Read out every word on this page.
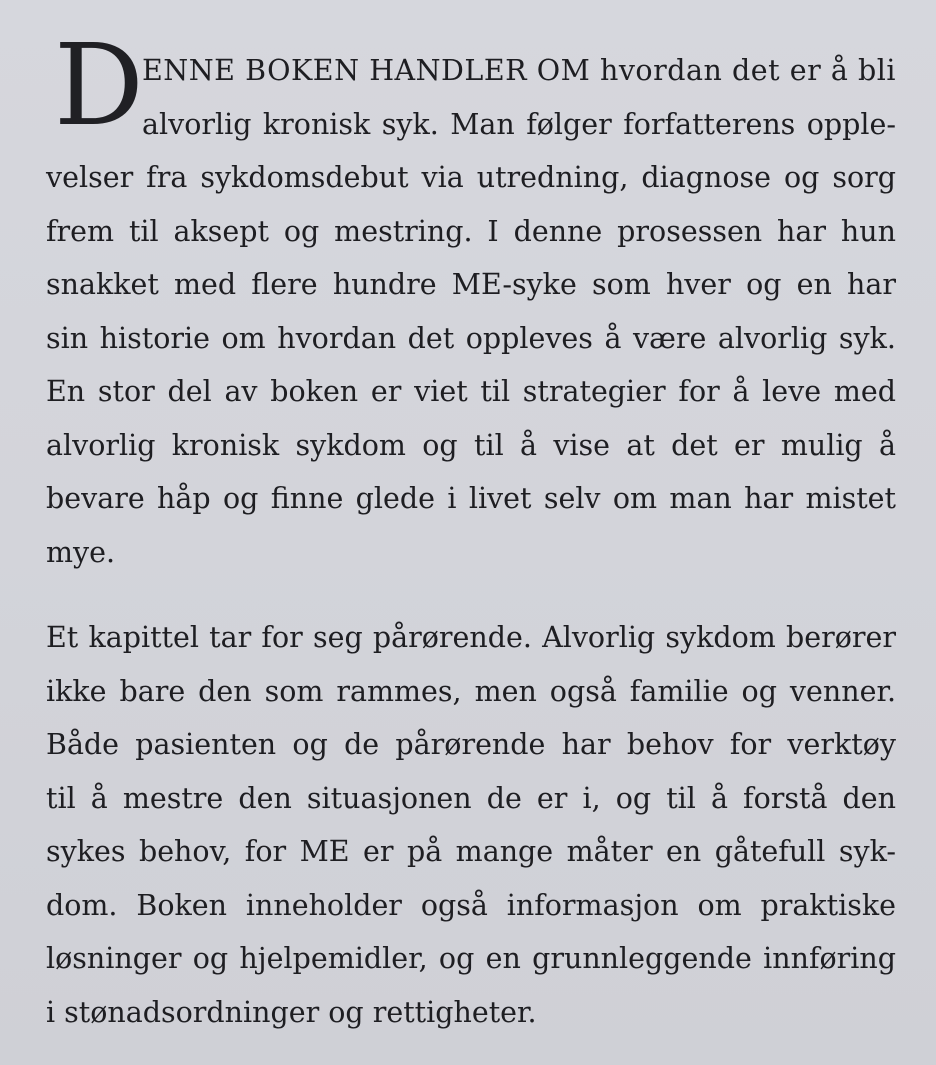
D

ENNE BOKEN HANDLER OM hvordan det er å bli
alvorlig kronisk syk. Man følger forfatterens opple-
velser fra sykdomsdebut via utredning, diagnose og sorg
frem til aksept og mestring. I denne prosessen har hun
snakket med flere hundre ME-syke som hver og en har
sin historie om hvordan det oppleves å være alvorlig syk.
En stor del av boken er viet til strategier for å leve med
alvorlig kronisk sykdom og til å vise at det er mulig å
bevare håp og finne glede i livet selv om man har mistet
mye.

Et kapittel tar for seg pårørende. Alvorlig sykdom berører
ikke bare den som rammes, men også familie og venner.
Både pasienten og de pårørende har behov for verktøy
til å mestre den situasjonen de er i, og til å forstå den
sykes behov, for ME er på mange måter en gåtefull syk-
dom. Boken inneholder også informasjon om praktiske
løsninger og hjelpemidler, og en grunnleggende innføring
i stønadsordninger og rettigheter.
